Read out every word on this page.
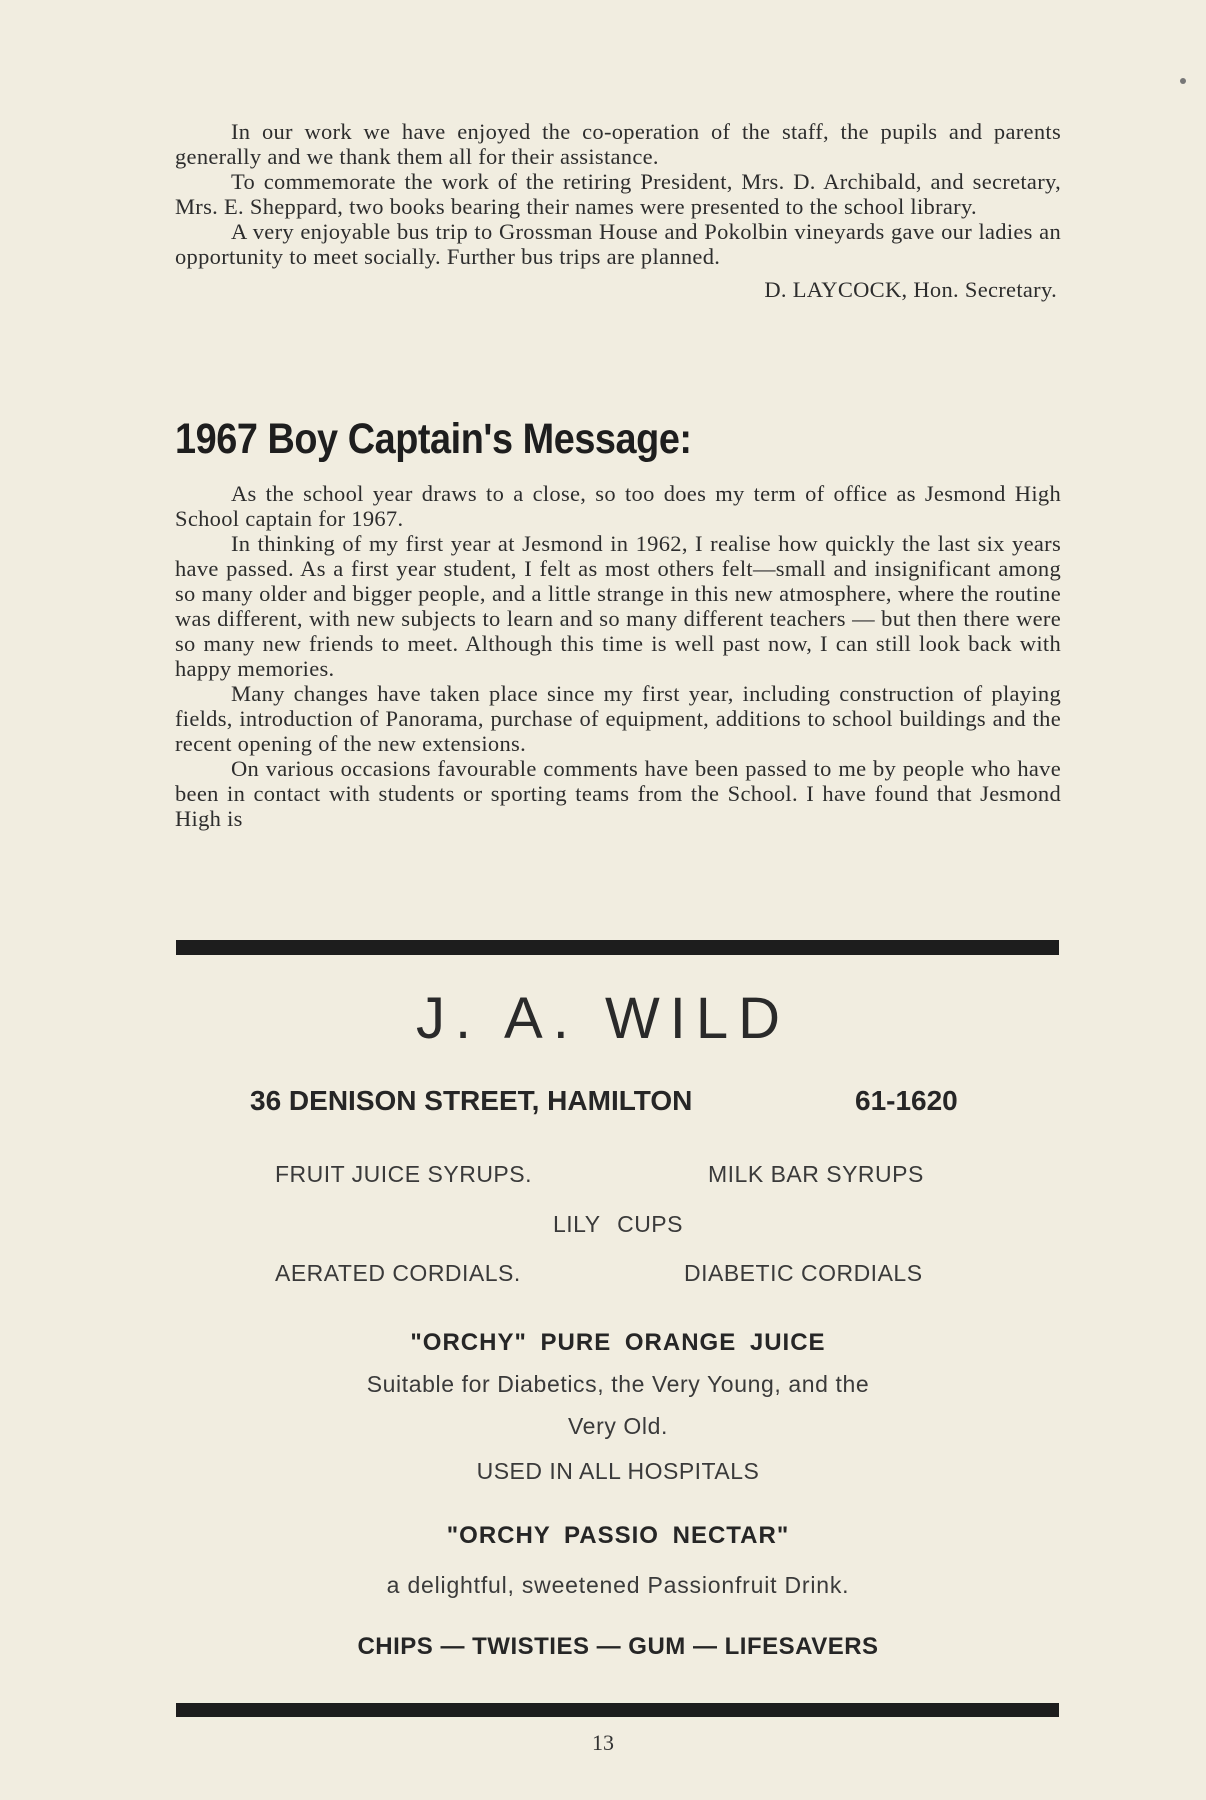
In our work we have enjoyed the co-operation of the staff, the pupils and parents generally and we thank them all for their assistance.

To commemorate the work of the retiring President, Mrs. D. Archibald, and secretary, Mrs. E. Sheppard, two books bearing their names were presented to the school library.

A very enjoyable bus trip to Grossman House and Pokolbin vineyards gave our ladies an opportunity to meet socially. Further bus trips are planned.

D. LAYCOCK, Hon. Secretary.
1967 Boy Captain's Message:

As the school year draws to a close, so too does my term of office as Jesmond High School captain for 1967.

In thinking of my first year at Jesmond in 1962, I realise how quickly the last six years have passed. As a first year student, I felt as most others felt—small and insignificant among so many older and bigger people, and a little strange in this new atmosphere, where the routine was different, with new subjects to learn and so many different teachers — but then there were so many new friends to meet. Although this time is well past now, I can still look back with happy memories.

Many changes have taken place since my first year, including construction of playing fields, introduction of Panorama, purchase of equipment, additions to school buildings and the recent opening of the new extensions.

On various occasions favourable comments have been passed to me by people who have been in contact with students or sporting teams from the School. I have found that Jesmond High is

J. A. WILD
36 DENISON STREET, HAMILTON	61-1620
FRUIT JUICE SYRUPS.	MILK BAR SYRUPS
LILY CUPS
AERATED CORDIALS.	DIABETIC CORDIALS
"ORCHY" PURE ORANGE JUICE
Suitable for Diabetics, the Very Young, and the
Very Old.
USED IN ALL HOSPITALS
"ORCHY PASSIO NECTAR"
a delightful, sweetened Passionfruit Drink.
CHIPS — TWISTIES — GUM — LIFESAVERS
13
